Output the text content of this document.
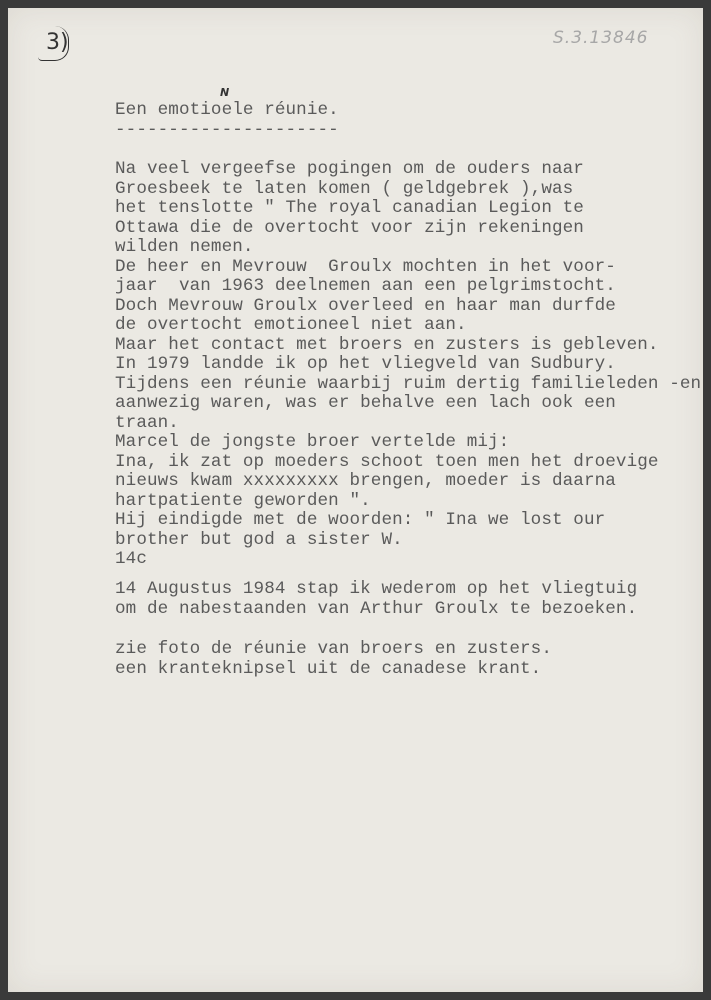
3)	S.3.13846
N
Een emotioele réunie.
---------------------
Na veel vergeefse pogingen om de ouders naar
Groesbeek te laten komen ( geldgebrek ),was
het tenslotte " The royal canadian Legion te
Ottawa die de overtocht voor zijn rekeningen
wilden nemen.
De heer en Mevrouw  Groulx mochten in het voor-
jaar  van 1963 deelnemen aan een pelgrimstocht.
Doch Mevrouw Groulx overleed en haar man durfde
de overtocht emotioneel niet aan.
Maar het contact met broers en zusters is gebleven.
In 1979 landde ik op het vliegveld van Sudbury.
Tijdens een réunie waarbij ruim dertig familieleden -en
aanwezig waren, was er behalve een lach ook een
traan.
Marcel de jongste broer vertelde mij:
Ina, ik zat op moeders schoot toen men het droevige
nieuws kwam xxxxxxxxx brengen, moeder is daarna
hartpatiente geworden ".
Hij eindigde met de woorden: " Ina we lost our
brother but god a sister W.
14c
14 Augustus 1984 stap ik wederom op het vliegtuig
om de nabestaanden van Arthur Groulx te bezoeken.
zie foto de réunie van broers en zusters.
een kranteknipsel uit de canadese krant.
